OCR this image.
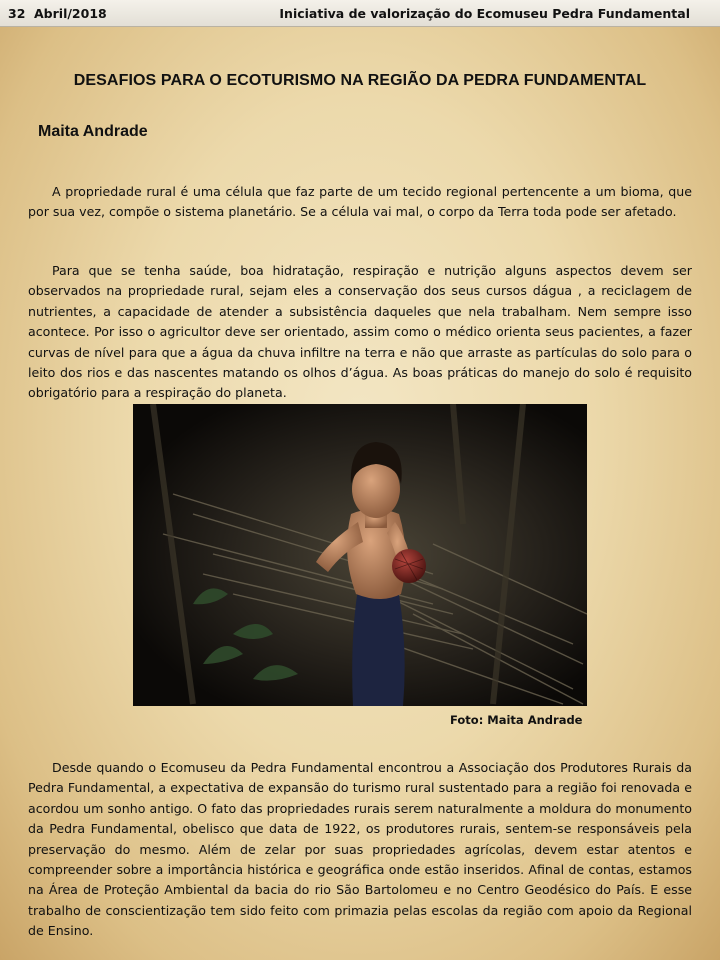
32 Abril/2018	Iniciativa de valorização do Ecomuseu Pedra Fundamental
DESAFIOS PARA O ECOTURISMO NA REGIÃO DA PEDRA FUNDAMENTAL
Maita Andrade

A propriedade rural é uma célula que faz parte de um tecido regional pertencente a um bioma, que por sua vez, compõe o sistema planetário. Se a célula vai mal, o corpo da Terra toda pode ser afetado.

Para que se tenha saúde, boa hidratação, respiração e nutrição alguns aspectos devem ser observados na propriedade rural, sejam eles a conservação dos seus cursos dágua , a reciclagem de nutrientes, a capacidade de atender a subsistência daqueles que nela trabalham. Nem sempre isso acontece. Por isso o agricultor deve ser orientado, assim como o médico orienta seus pacientes, a fazer curvas de nível para que a água da chuva infiltre na terra e não que arraste as partículas do solo para o leito dos rios e das nascentes matando os olhos d’água. As boas práticas do manejo do solo é requisito obrigatório para a respiração do planeta.

Foto: Maita Andrade

Desde quando o Ecomuseu da Pedra Fundamental encontrou a Associação dos Produtores Rurais da Pedra Fundamental, a expectativa de expansão do turismo rural sustentado para a região foi renovada e acordou um sonho antigo. O fato das propriedades rurais serem naturalmente a moldura do monumento da Pedra Fundamental, obelisco que data de 1922, os produtores rurais, sentem-se responsáveis pela preservação do mesmo. Além de zelar por suas propriedades agrícolas, devem estar atentos e compreender sobre a importância histórica e geográfica onde estão inseridos. Afinal de contas, estamos na Área de Proteção Ambiental da bacia do rio São Bartolomeu e no Centro Geodésico do País. E esse trabalho de conscientização tem sido feito com primazia pelas escolas da região com apoio da Regional de Ensino.
